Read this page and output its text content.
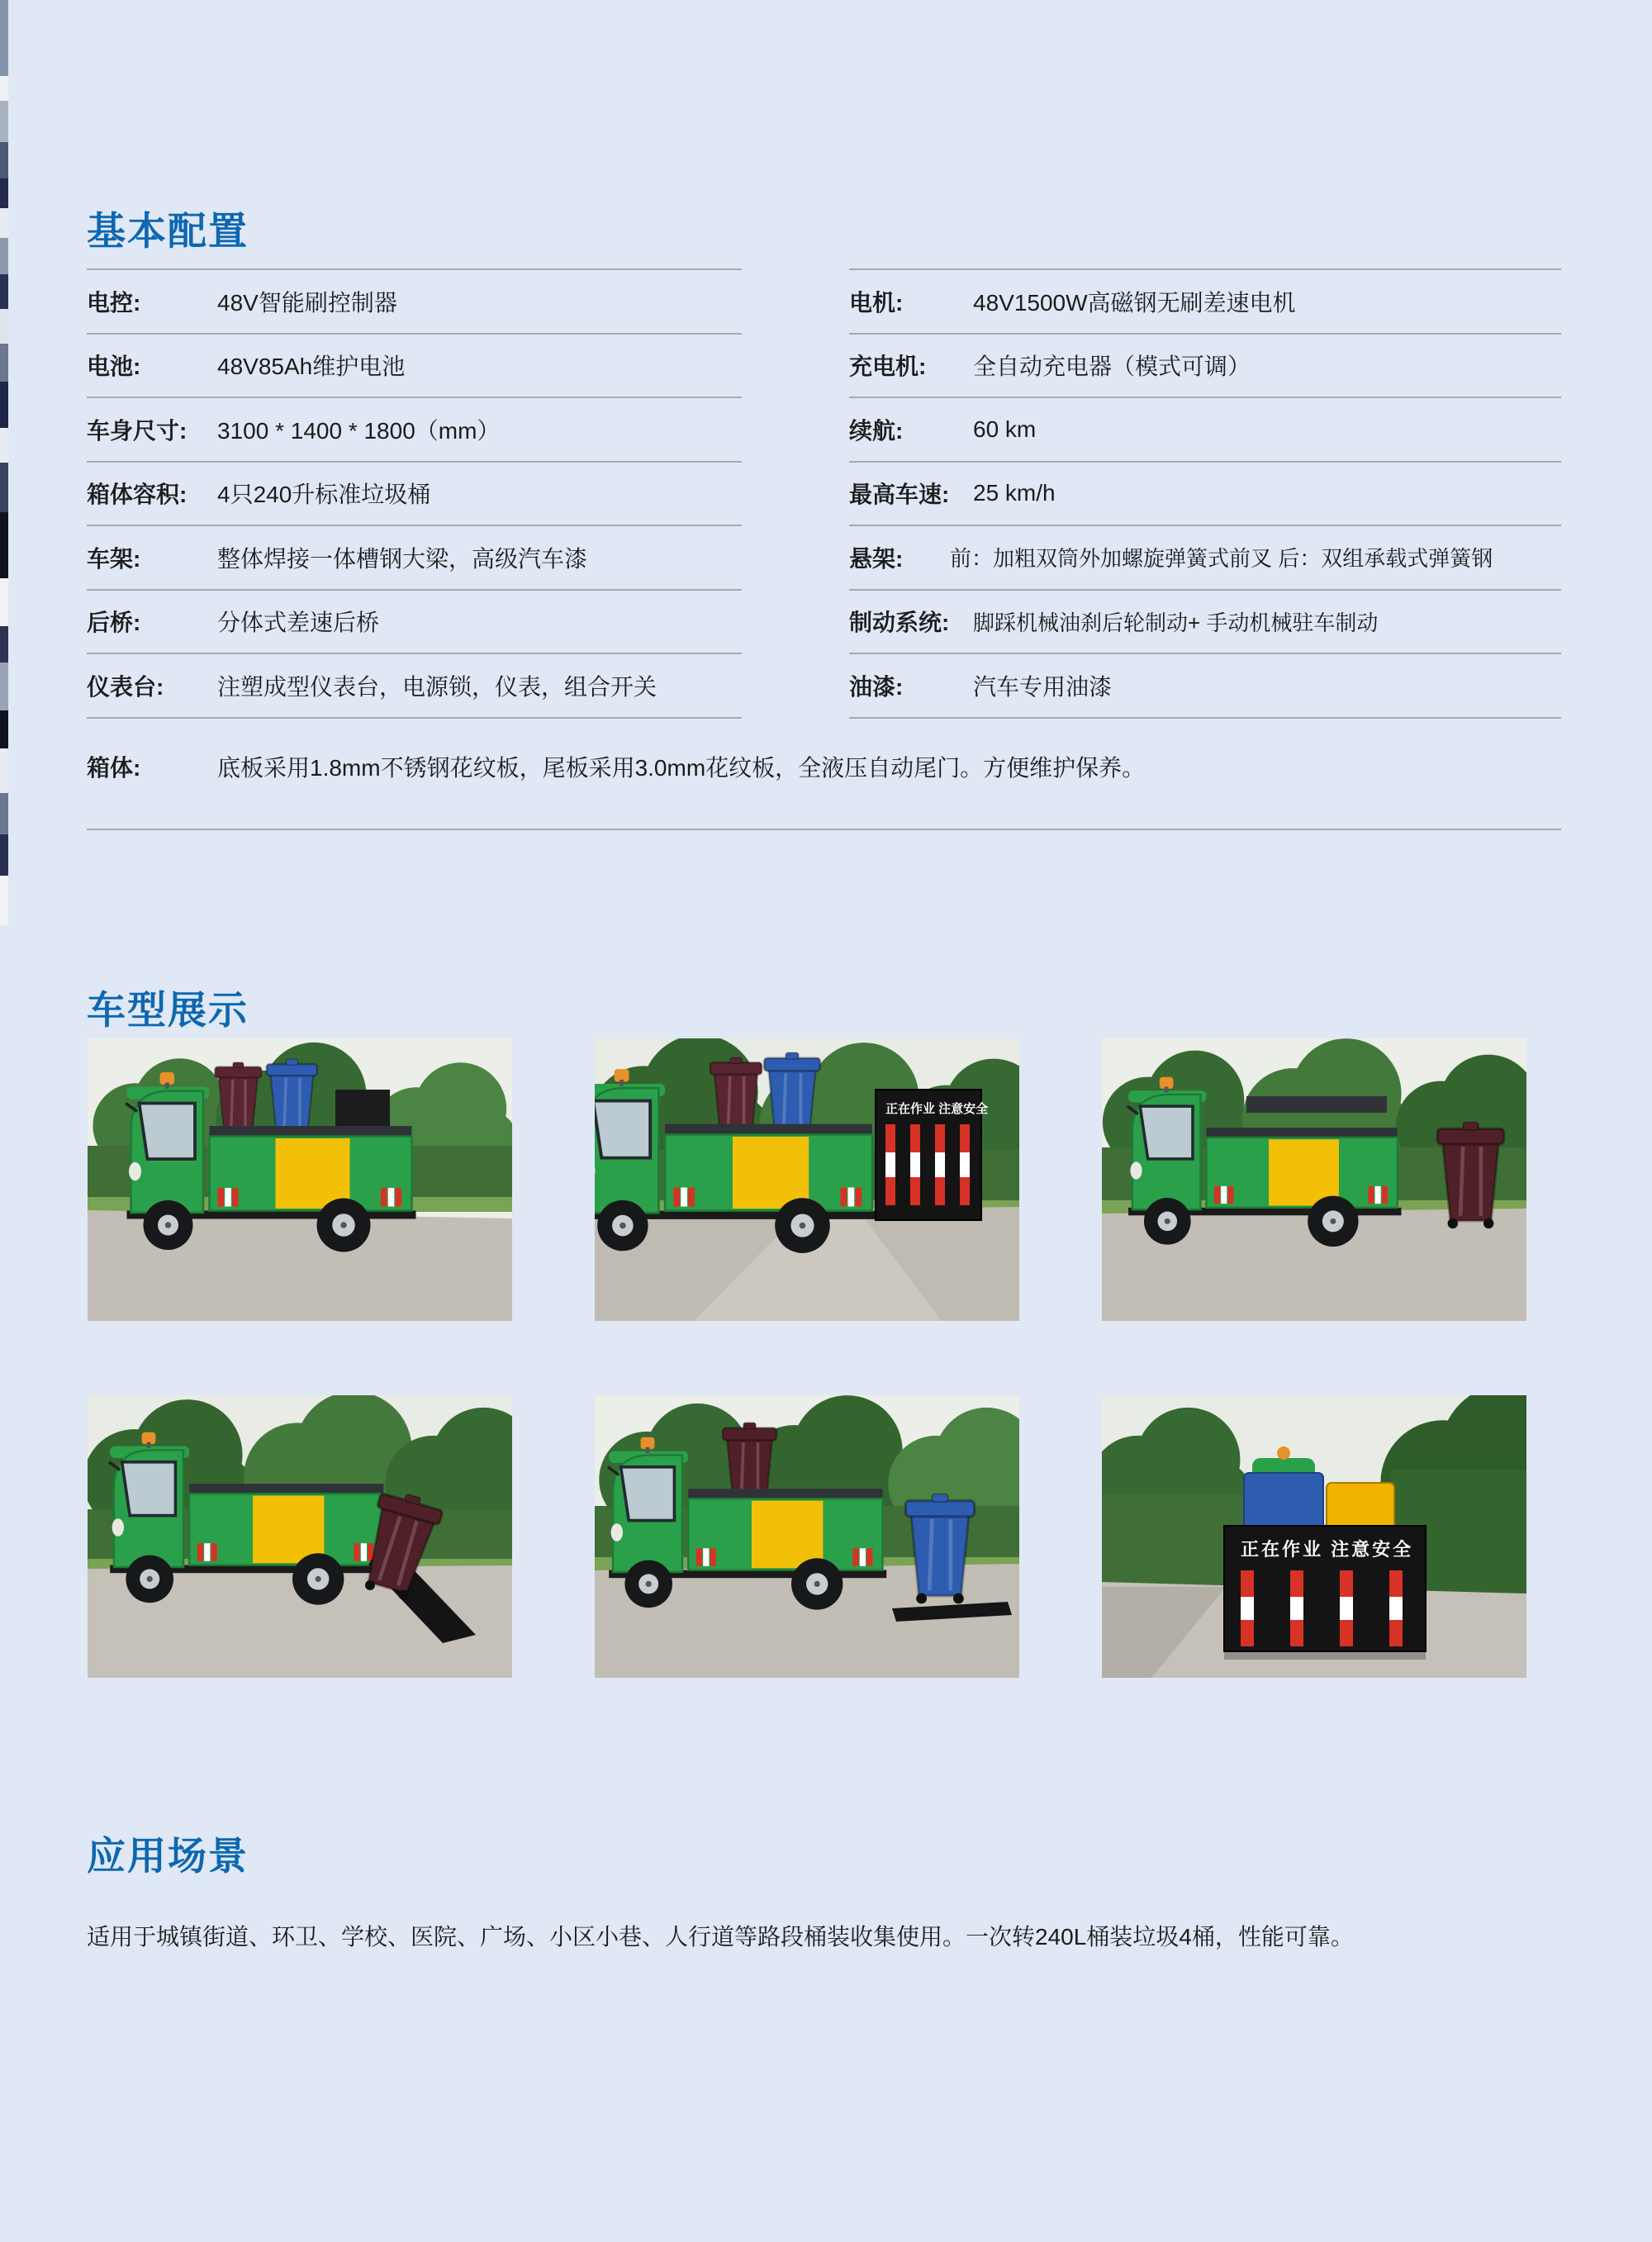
基本配置
电控:	48V智能刷控制器
电池:	48V85Ah维护电池
车身尺寸:	3100 * 1400 * 1800（mm）
箱体容积:	4只240升标准垃圾桶
车架:	整体焊接一体槽钢大梁，高级汽车漆
后桥:	分体式差速后桥
仪表台:	注塑成型仪表台，电源锁，仪表，组合开关
电机:	48V1500W高磁钢无刷差速电机
充电机:	全自动充电器（模式可调）
续航:	60 km
最高车速:	25 km/h
悬架:	前：加粗双筒外加螺旋弹簧式前叉 后：双组承载式弹簧钢
制动系统:	脚踩机械油刹后轮制动+ 手动机械驻车制动
油漆:	汽车专用油漆
箱体:	底板采用1.8mm不锈钢花纹板，尾板采用3.0mm花纹板，全液压自动尾门。方便维护保养。
车型展示
正在作业 注意安全
正在作业 注意安全
应用场景

适用于城镇街道、环卫、学校、医院、广场、小区小巷、人行道等路段桶装收集使用。一次转240L桶装垃圾4桶，性能可靠。
